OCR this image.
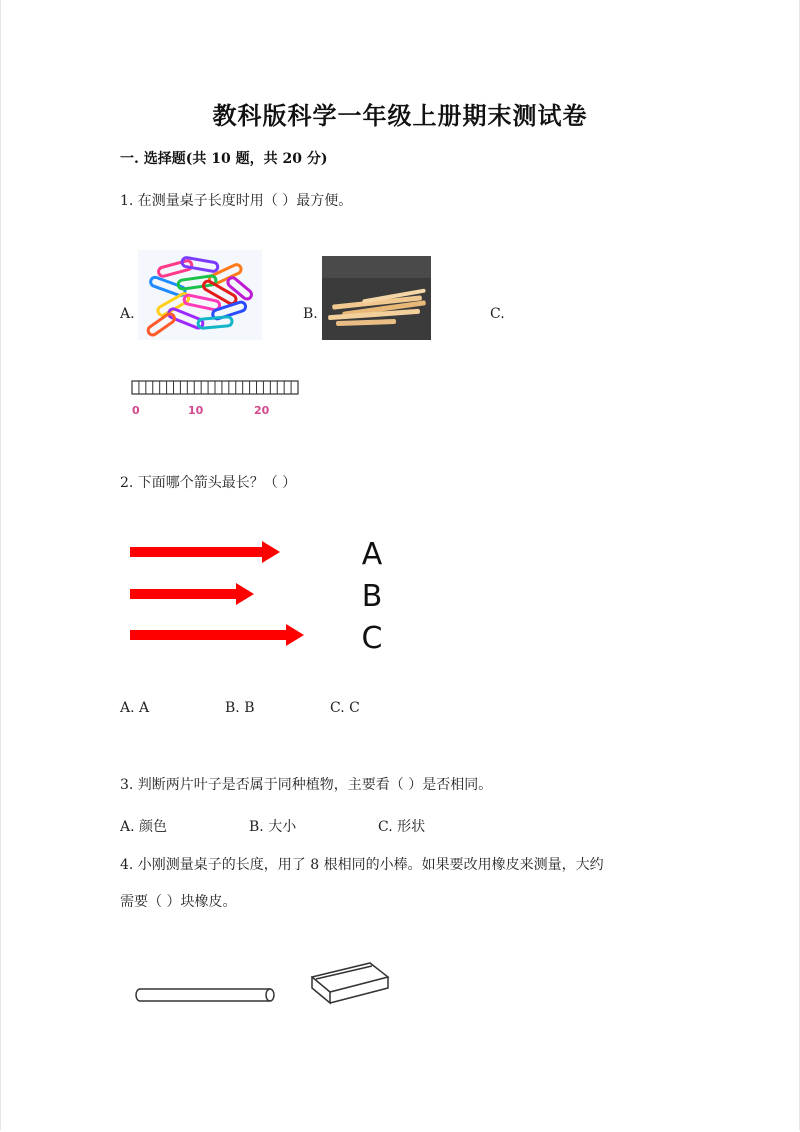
教科版科学一年级上册期末测试卷
一. 选择题(共 10 题，共 20 分)
1. 在测量桌子长度时用（ ）最方便。
A.	B.	C.
0	10	20
2. 下面哪个箭头最长？（ ）
A
B
C
A. A	B. B	C. C
3. 判断两片叶子是否属于同种植物，主要看（ ）是否相同。
A. 颜色	B. 大小	C. 形状
4. 小刚测量桌子的长度，用了 8 根相同的小棒。如果要改用橡皮来测量，大约
需要（ ）块橡皮。
